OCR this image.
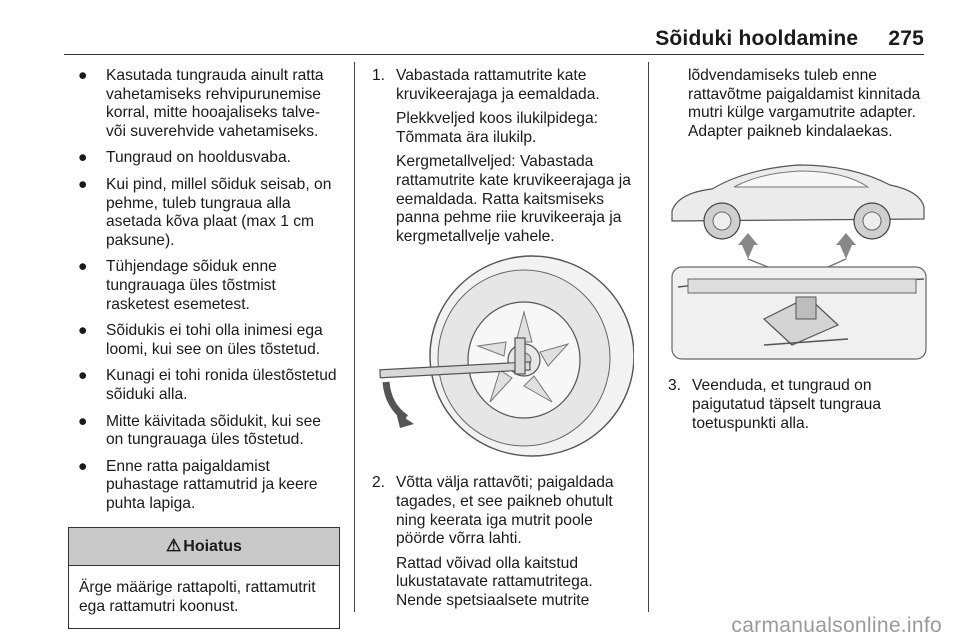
Sõiduki hooldamine 275
● Kasutada tungrauda ainult ratta vahetamiseks rehvipurunemise korral, mitte hooajaliseks talve- või suverehvide vahetamiseks.
● Tungraud on hooldusvaba.
● Kui pind, millel sõiduk seisab, on pehme, tuleb tungraua alla asetada kõva plaat (max 1 cm paksune).
● Tühjendage sõiduk enne tungrauaga üles tõstmist rasketest esemetest.
● Sõidukis ei tohi olla inimesi ega loomi, kui see on üles tõstetud.
● Kunagi ei tohi ronida ülestõstetud sõiduki alla.
● Mitte käivitada sõidukit, kui see on tungrauaga üles tõstetud.
● Enne ratta paigaldamist puhastage rattamutrid ja keere puhta lapiga.
⚠ Hoiatus
Ärge määrige rattapolti, rattamutrit ega rattamutri koonust.
1. Vabastada rattamutrite kate kruvikeerajaga ja eemaldada.
Plekkveljed koos ilukilpidega: Tõmmata ära ilukilp.
Kergmetallveljed: Vabastada rattamutrite kate kruvikeerajaga ja eemaldada. Ratta kaitsmiseks panna pehme riie kruvikeeraja ja kergmetallvelje vahele.
2. Võtta välja rattavõti; paigaldada tagades, et see paikneb ohutult ning keerata iga mutrit poole pöörde võrra lahti.
Rattad võivad olla kaitstud lukustatavate rattamutritega. Nende spetsiaalsete mutrite
lõdvendamiseks tuleb enne rattavõtme paigaldamist kinnitada mutri külge vargamutrite adapter. Adapter paikneb kindalaekas.
3. Veenduda, et tungraud on paigutatud täpselt tungraua toetuspunkti alla.
carmanualsonline.info
